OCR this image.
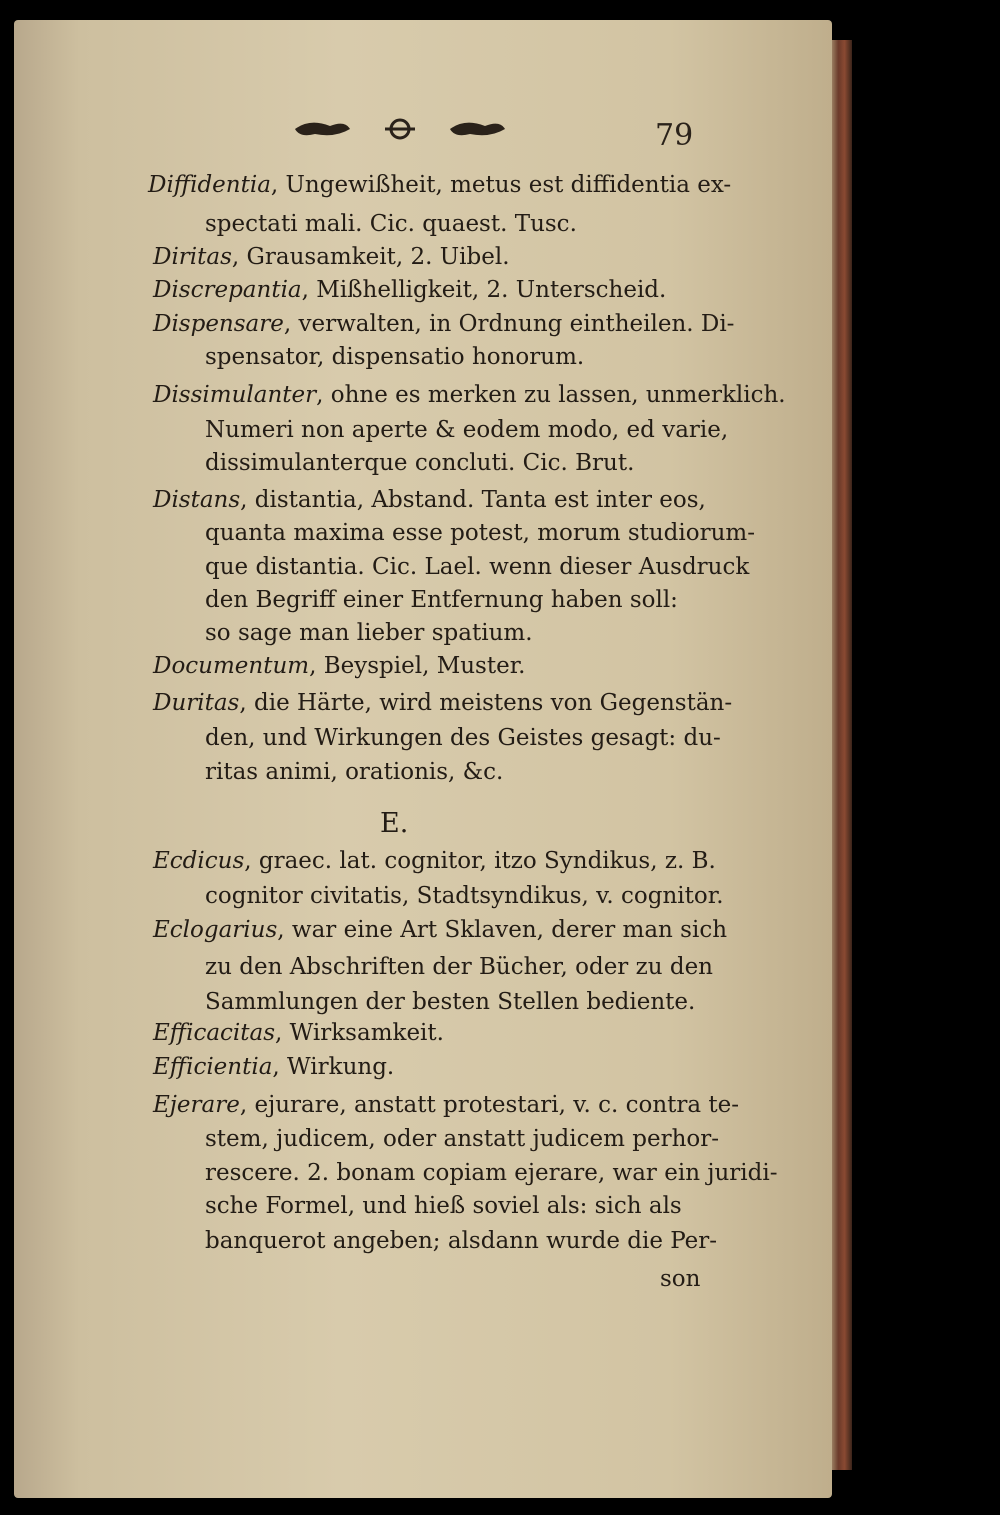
79
E.
Diffidentia, Ungewißheit, metus est diffidentia ex-
spectati mali. Cic. quaest. Tusc.
Diritas, Grausamkeit, 2. Uibel.
Discrepantia, Mißhelligkeit, 2. Unterscheid.
Dispensare, verwalten, in Ordnung eintheilen. Di-
spensator, dispensatio honorum.
Dissimulanter, ohne es merken zu lassen, unmerklich.
Numeri non aperte & eodem modo, ed varie,
dissimulanterque concluti. Cic. Brut.
Distans, distantia, Abstand. Tanta est inter eos,
quanta maxima esse potest, morum studiorum-
que distantia. Cic. Lael. wenn dieser Ausdruck
den Begriff einer Entfernung haben soll:
so sage man lieber spatium.
Documentum, Beyspiel, Muster.
Duritas, die Härte, wird meistens von Gegenstän-
den, und Wirkungen des Geistes gesagt: du-
ritas animi, orationis, &c.
Ecdicus, graec. lat. cognitor, itzo Syndikus, z. B.
cognitor civitatis, Stadtsyndikus, v. cognitor.
Eclogarius, war eine Art Sklaven, derer man sich
zu den Abschriften der Bücher, oder zu den
Sammlungen der besten Stellen bediente.
Efficacitas, Wirksamkeit.
Efficientia, Wirkung.
Ejerare, ejurare, anstatt protestari, v. c. contra te-
stem, judicem, oder anstatt judicem perhor-
rescere. 2. bonam copiam ejerare, war ein juridi-
sche Formel, und hieß soviel als: sich als
banquerot angeben; alsdann wurde die Per-
son
